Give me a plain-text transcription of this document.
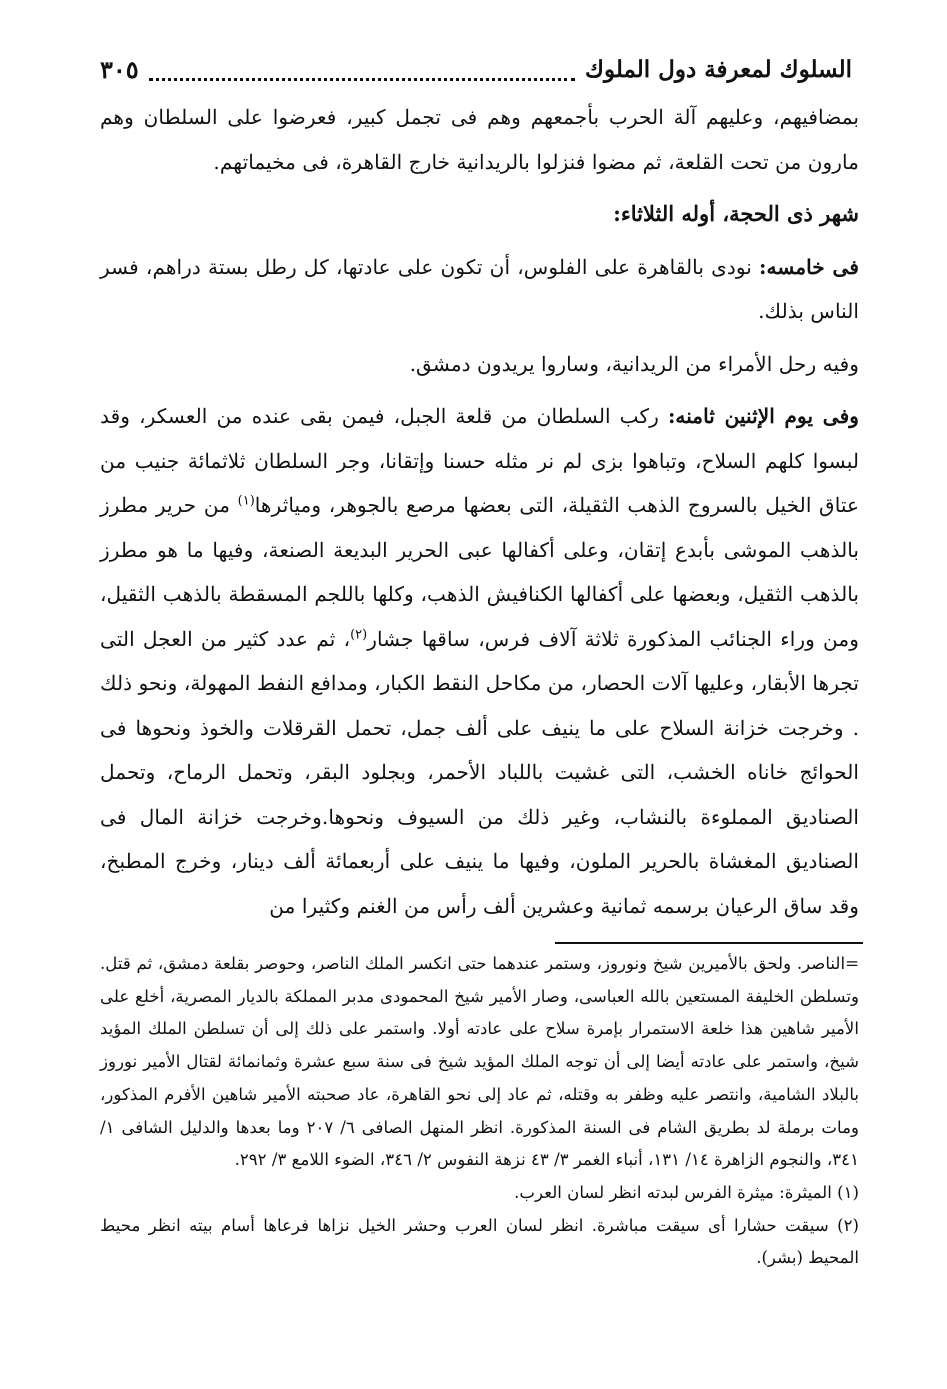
السلوك لمعرفة دول الملوك
٣٠٥

بمضافيهم، وعليهم آلة الحرب بأجمعهم وهم فى تجمل كبير، فعرضوا على السلطان وهم مارون من تحت القلعة، ثم مضوا فنزلوا بالريدانية خارج القاهرة، فى مخيماتهم.

شهر ذى الحجة، أوله الثلاثاء:

فى خامسه: نودى بالقاهرة على الفلوس، أن تكون على عادتها، كل رطل بستة دراهم، فسر الناس بذلك.

وفيه رحل الأمراء من الريدانية، وساروا يريدون دمشق.

وفى يوم الإثنين ثامنه: ركب السلطان من قلعة الجبل، فيمن بقى عنده من العسكر، وقد لبسوا كلهم السلاح، وتباهوا بزى لم نر مثله حسنا وإتقانا، وجر السلطان ثلاثمائة جنيب من عتاق الخيل بالسروج الذهب الثقيلة، التى بعضها مرصع بالجوهر، ومياثرها$^{(١)}$ من حرير مطرز بالذهب الموشى بأبدع إتقان، وعلى أكفالها عبى الحرير البديعة الصنعة، وفيها ما هو مطرز بالذهب الثقيل، وبعضها على أكفالها الكنافيش الذهب، وكلها باللجم المسقطة بالذهب الثقيل، ومن وراء الجنائب المذكورة ثلاثة آلاف فرس، ساقها جشار$^{(٢)}$، ثم عدد كثير من العجل التى تجرها الأبقار، وعليها آلات الحصار، من مكاحل النقط الكبار، ومدافع النفط المهولة، ونحو ذلك . وخرجت خزانة السلاح على ما ينيف على ألف جمل، تحمل القرقلات والخوذ ونحوها فى الحوائج خاناه الخشب، التى غشيت باللباد الأحمر، وبجلود البقر، وتحمل الرماح، وتحمل الصناديق المملوءة بالنشاب، وغير ذلك من السيوف ونحوها.وخرجت خزانة المال فى الصناديق المغشاة بالحرير الملون، وفيها ما ينيف على أربعمائة ألف دينار، وخرج المطبخ، وقد ساق الرعيان برسمه ثمانية وعشرين ألف رأس من الغنم وكثيرا من

=الناصر. ولحق بالأميرين شيخ ونوروز، وستمر عندهما حتى انكسر الملك الناصر، وحوصر بقلعة دمشق، ثم قتل. وتسلطن الخليفة المستعين بالله العباسى، وصار الأمير شيخ المحمودى مدبر المملكة بالديار المصرية، أخلع على الأمير شاهين هذا خلعة الاستمرار بإمرة سلاح على عادته أولا. واستمر على ذلك إلى أن تسلطن الملك المؤيد شيخ، واستمر على عادته أيضا إلى أن توجه الملك المؤيد شيخ فى سنة سبع عشرة وثمانمائة لقتال الأمير نوروز بالبلاد الشامية، وانتصر عليه وظفر به وقتله، ثم عاد إلى نحو القاهرة، عاد صحبته الأمير شاهين الأفرم المذكور، ومات برملة لد بطريق الشام فى السنة المذكورة. انظر المنهل الصافى ٦/ ٢٠٧ وما بعدها والدليل الشافى ١/ ٣٤١، والنجوم الزاهرة ١٤/ ١٣١، أنباء الغمر ٣/ ٤٣ نزهة النفوس ٢/ ٣٤٦، الضوء اللامع ٣/ ٢٩٢.

(١) الميثرة: ميثرة الفرس لبدته انظر لسان العرب.

(٢) سيقت حشارا أى سيقت مباشرة. انظر لسان العرب وحشر الخيل نزاها فرعاها أسام بيته انظر محيط المحيط (بشر).
